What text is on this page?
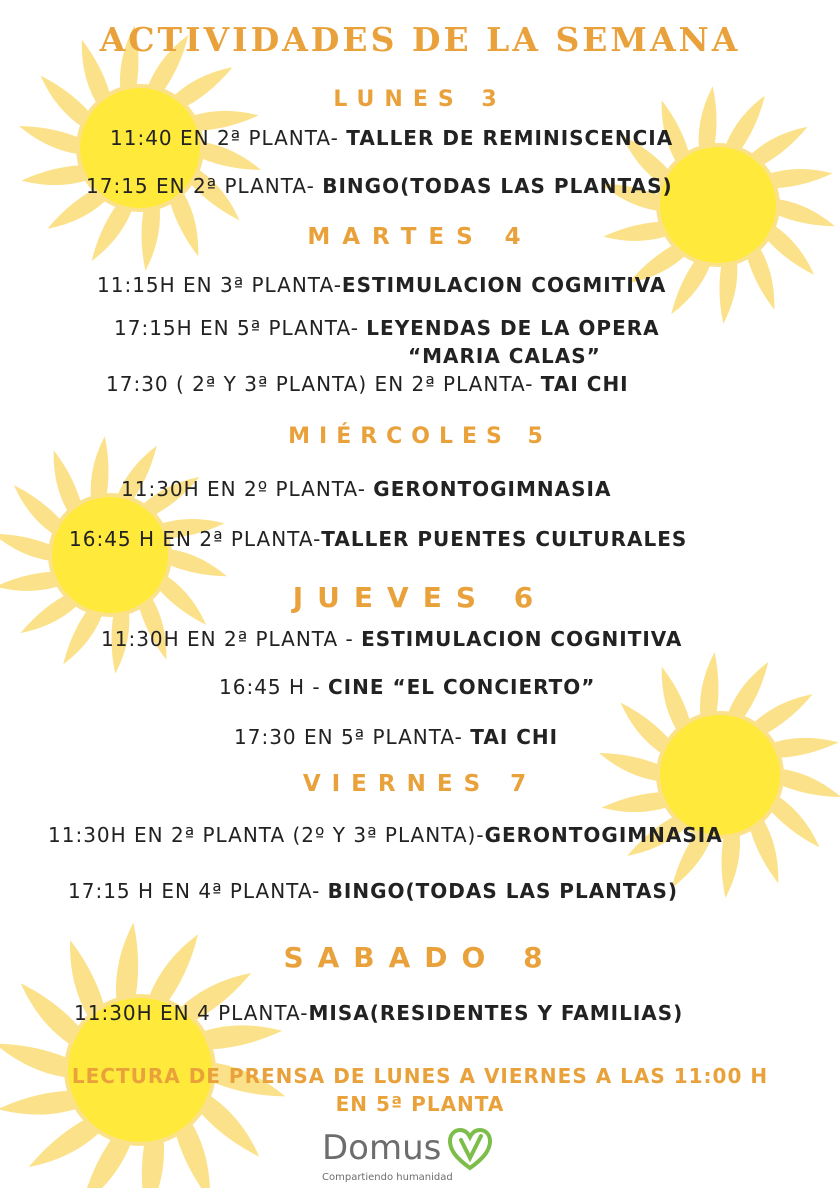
ACTIVIDADES DE LA SEMANA
LUNES 3

11:40 EN 2ª PLANTA- TALLER DE REMINISCENCIA

17:15 EN 2ª PLANTA- BINGO(TODAS LAS PLANTAS)

MARTES 4

11:15H EN 3ª PLANTA-ESTIMULACION COGMITIVA

17:15H EN 5ª PLANTA- LEYENDAS DE LA OPERA

“MARIA CALAS”

17:30 ( 2ª Y 3ª PLANTA) EN 2ª PLANTA- TAI CHI

MIÉRCOLES 5

11:30H EN 2º PLANTA- GERONTOGIMNASIA

16:45 H EN 2ª PLANTA-TALLER PUENTES CULTURALES

JUEVES 6

11:30H EN 2ª PLANTA - ESTIMULACION COGNITIVA

16:45 H - CINE “EL CONCIERTO”

17:30 EN 5ª PLANTA- TAI CHI

VIERNES 7

11:30H EN 2ª PLANTA (2º Y 3ª PLANTA)-GERONTOGIMNASIA

17:15 H EN 4ª PLANTA- BINGO(TODAS LAS PLANTAS)

SABADO 8

11:30H EN 4 PLANTA-MISA(RESIDENTES Y FAMILIAS)

LECTURA DE PRENSA DE LUNES A VIERNES A LAS 11:00 H

EN 5ª PLANTA

Domus
Compartiendo humanidad
